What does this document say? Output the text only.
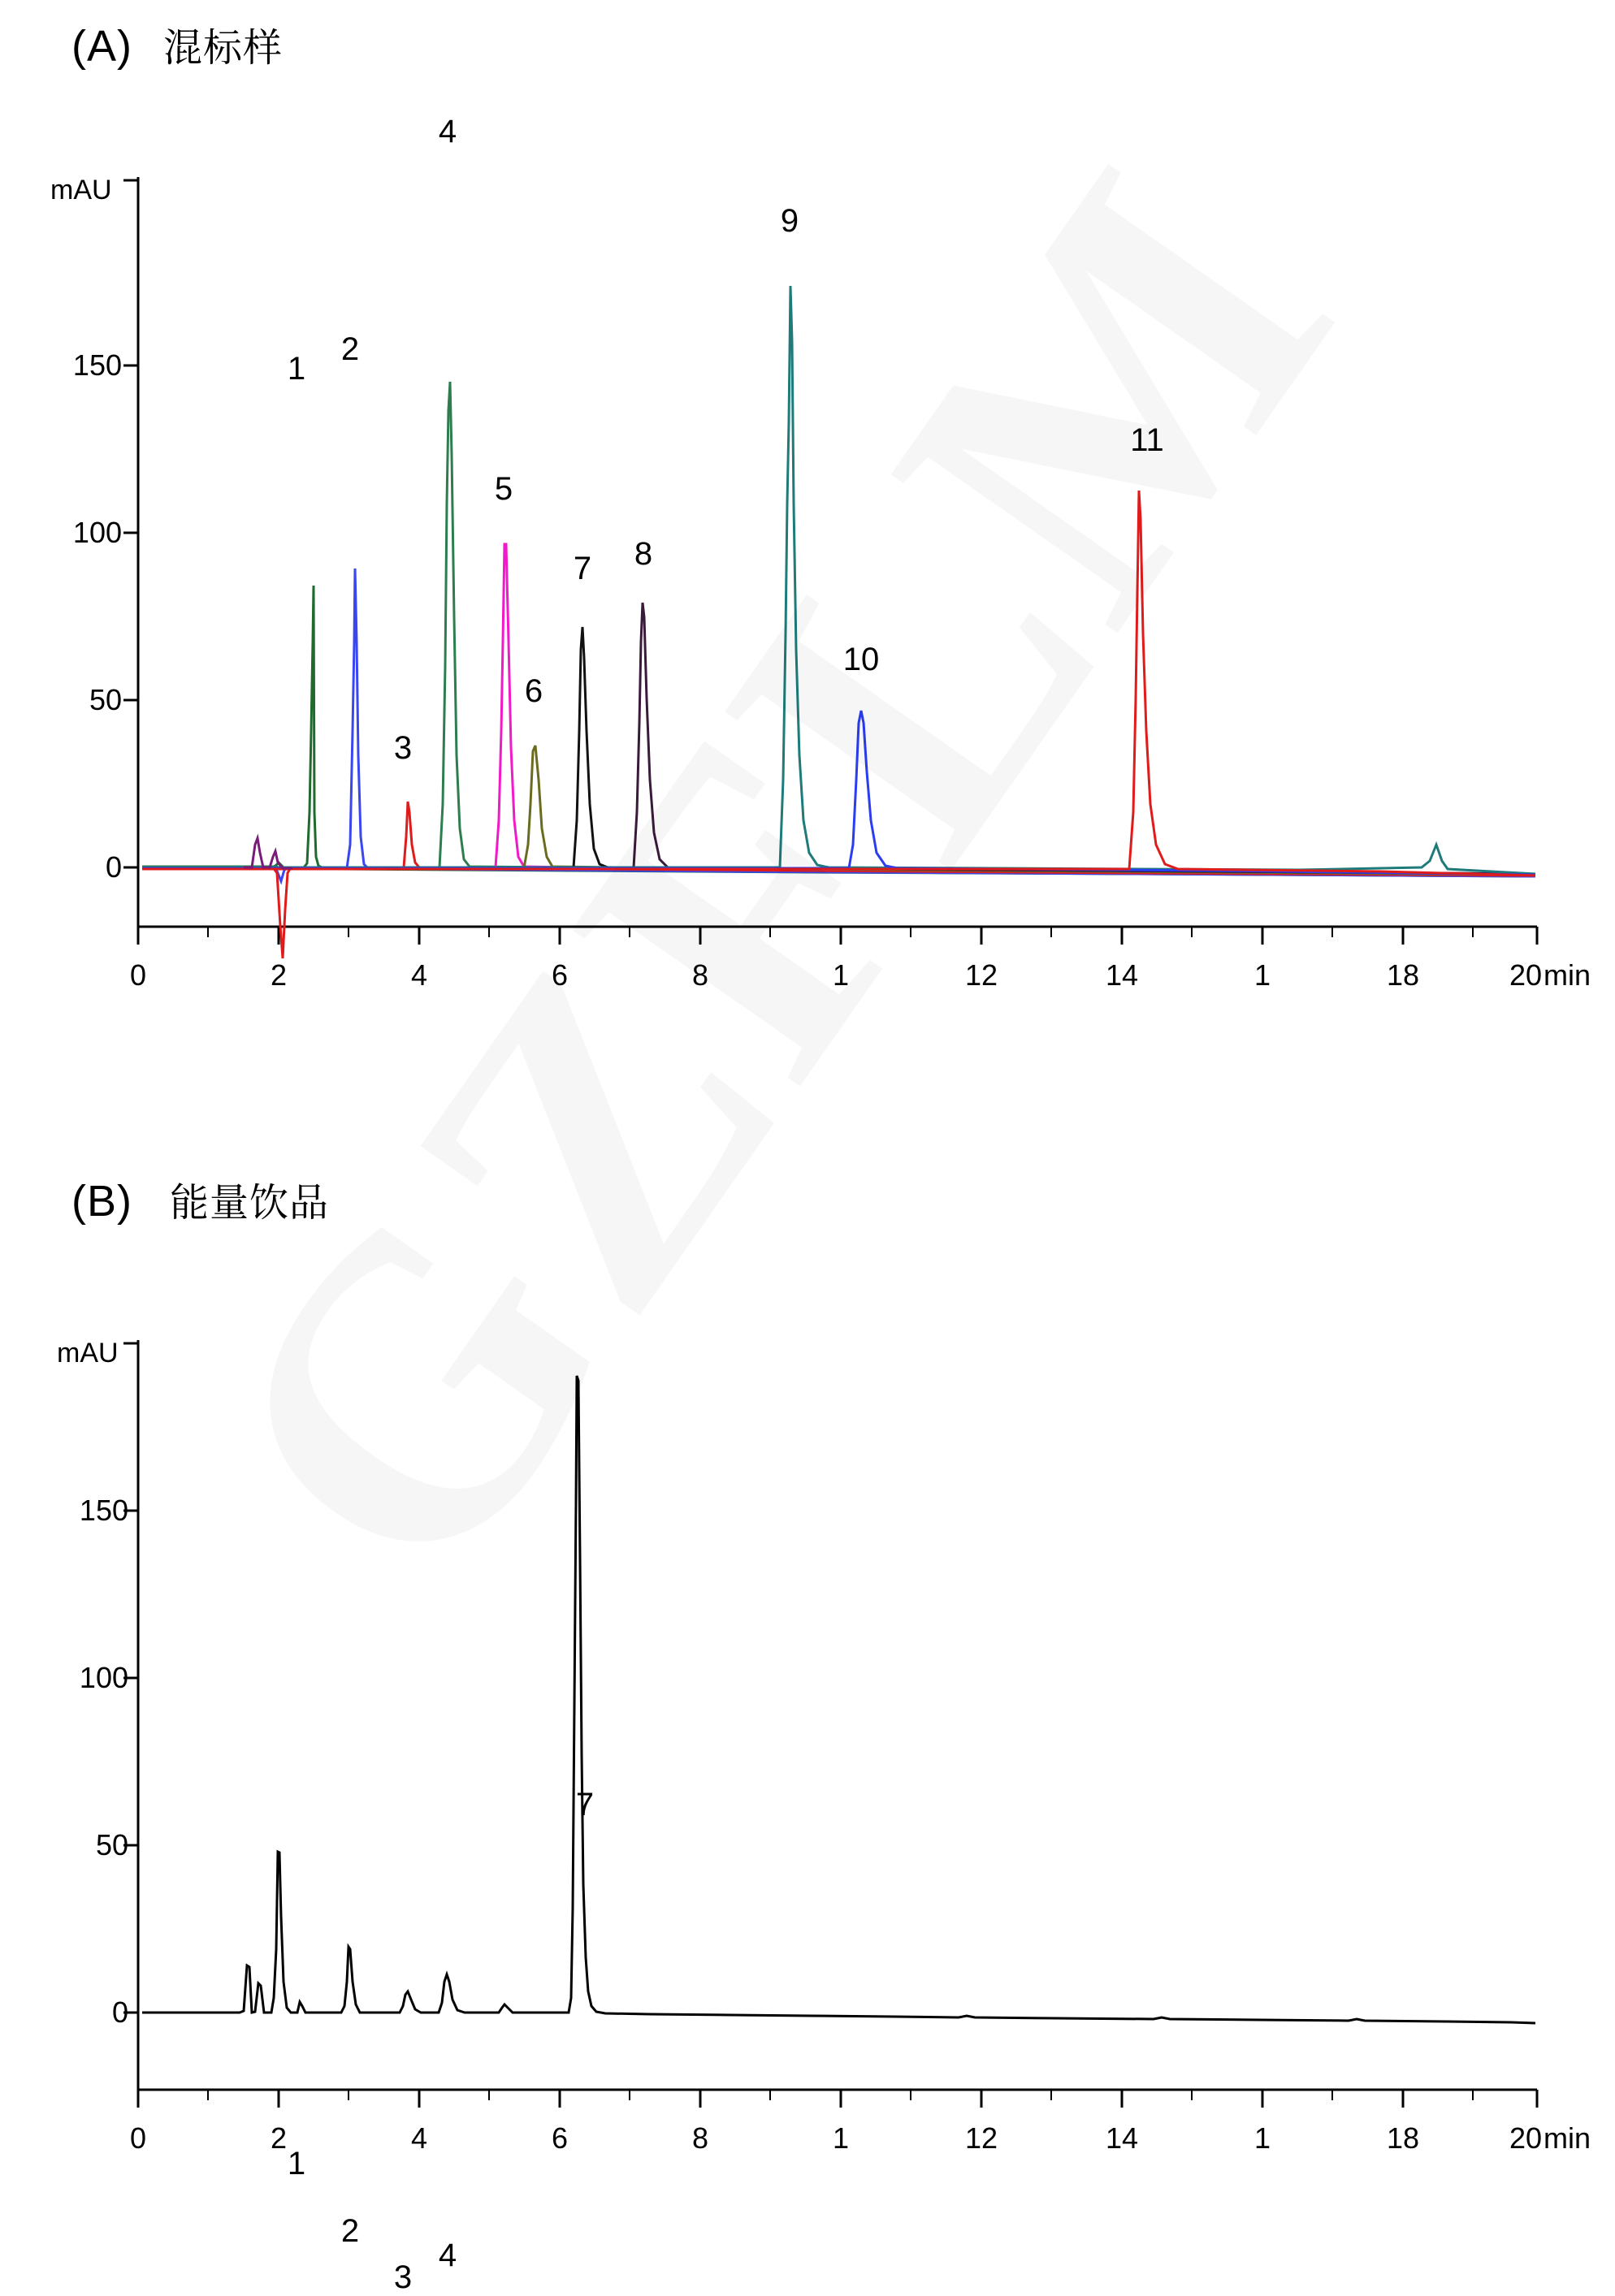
(A) 混标样
mAU
0
50
100
150
0	2	4	6	8	1	12	14	1	18	20 min
1
2
3
4
5
6
7	8
9
10
11
(B) 能量饮品
mAU
0
50
100
150
0	2	4	6	8	1	12	14	1	18	20 min
1
2
3
4
7
